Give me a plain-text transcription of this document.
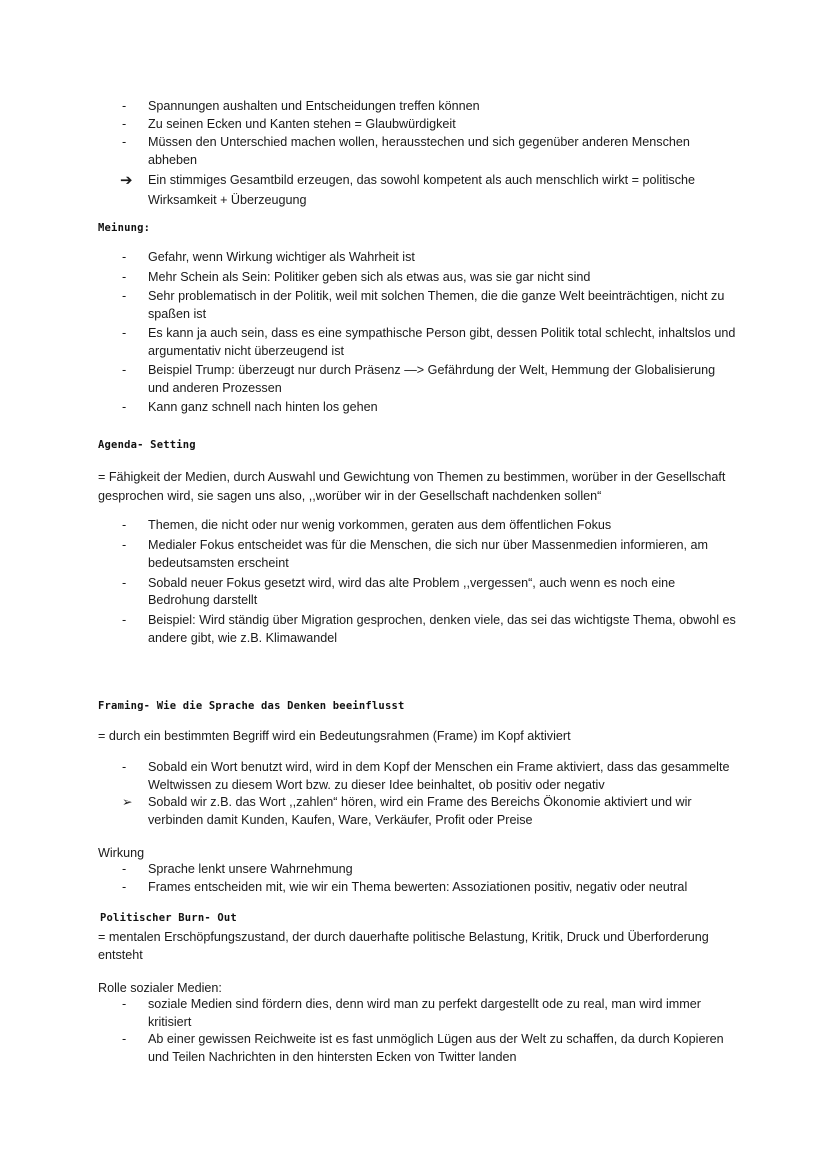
-	Spannungen aushalten und Entscheidungen treffen können
-	Zu seinen Ecken und Kanten stehen = Glaubwürdigkeit
-	Müssen den Unterschied machen wollen, herausstechen und sich gegenüber anderen Menschen abheben
➔	Ein stimmiges Gesamtbild erzeugen, das sowohl kompetent als auch menschlich wirkt = politische Wirksamkeit + Überzeugung
Meinung:
-	Gefahr, wenn Wirkung wichtiger als Wahrheit ist
-	Mehr Schein als Sein: Politiker geben sich als etwas aus, was sie gar nicht sind
-	Sehr problematisch in der Politik, weil mit solchen Themen, die die ganze Welt beeinträchtigen, nicht zu spaßen ist
-	Es kann ja auch sein, dass es eine sympathische Person gibt, dessen Politik total schlecht, inhaltslos und argumentativ nicht überzeugend ist
-	Beispiel Trump: überzeugt nur durch Präsenz —> Gefährdung der Welt, Hemmung der Globalisierung und anderen Prozessen
-	Kann ganz schnell nach hinten los gehen
Agenda- Setting

= Fähigkeit der Medien, durch Auswahl und Gewichtung von Themen zu bestimmen, worüber in der Gesellschaft gesprochen wird, sie sagen uns also, ,,worüber wir in der Gesellschaft nachdenken sollen“

-	Themen, die nicht oder nur wenig vorkommen, geraten aus dem öffentlichen Fokus
-	Medialer Fokus entscheidet was für die Menschen, die sich nur über Massenmedien informieren, am bedeutsamsten erscheint
-	Sobald neuer Fokus gesetzt wird, wird das alte Problem ,,vergessen“, auch wenn es noch eine Bedrohung darstellt
-	Beispiel: Wird ständig über Migration gesprochen, denken viele, das sei das wichtigste Thema, obwohl es andere gibt, wie z.B. Klimawandel
Framing- Wie die Sprache das Denken beeinflusst

= durch ein bestimmten Begriff wird ein Bedeutungsrahmen (Frame) im Kopf aktiviert

-	Sobald ein Wort benutzt wird, wird in dem Kopf der Menschen ein Frame aktiviert, dass das gesammelte Weltwissen zu diesem Wort bzw. zu dieser Idee beinhaltet, ob positiv oder negativ
➢	Sobald wir z.B. das Wort ,,zahlen“ hören, wird ein Frame des Bereichs Ökonomie aktiviert und wir verbinden damit Kunden, Kaufen, Ware, Verkäufer, Profit oder Preise

Wirkung

-	Sprache lenkt unsere Wahrnehmung
-	Frames entscheiden mit, wie wir ein Thema bewerten: Assoziationen positiv, negativ oder neutral
Politischer Burn- Out

= mentalen Erschöpfungszustand, der durch dauerhafte politische Belastung, Kritik, Druck und Überforderung entsteht

Rolle sozialer Medien:

-	soziale Medien sind fördern dies, denn wird man zu perfekt dargestellt ode zu real, man wird immer kritisiert
-	Ab einer gewissen Reichweite ist es fast unmöglich Lügen aus der Welt zu schaffen, da durch Kopieren und Teilen Nachrichten in den hintersten Ecken von Twitter landen
